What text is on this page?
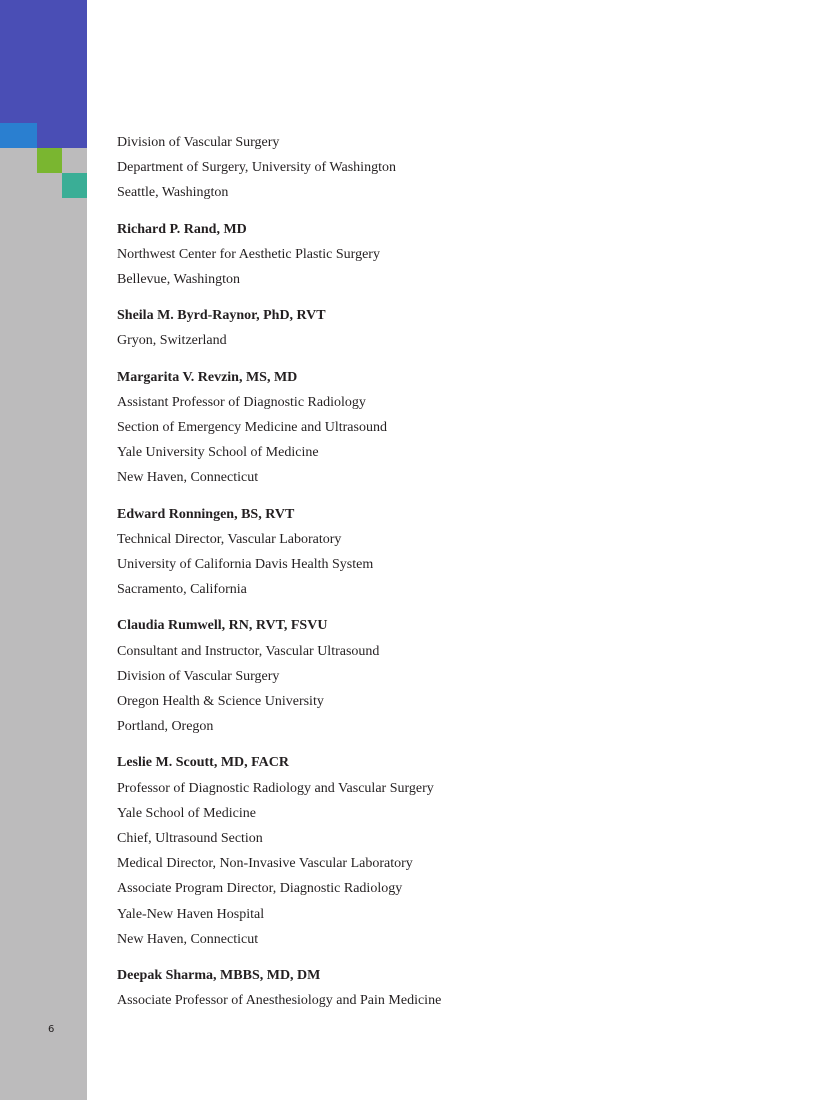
Division of Vascular Surgery
Department of Surgery, University of Washington
Seattle, Washington
Richard P. Rand, MD
Northwest Center for Aesthetic Plastic Surgery
Bellevue, Washington
Sheila M. Byrd-Raynor, PhD, RVT
Gryon, Switzerland
Margarita V. Revzin, MS, MD
Assistant Professor of Diagnostic Radiology
Section of Emergency Medicine and Ultrasound
Yale University School of Medicine
New Haven, Connecticut
Edward Ronningen, BS, RVT
Technical Director, Vascular Laboratory
University of California Davis Health System
Sacramento, California
Claudia Rumwell, RN, RVT, FSVU
Consultant and Instructor, Vascular Ultrasound
Division of Vascular Surgery
Oregon Health & Science University
Portland, Oregon
Leslie M. Scoutt, MD, FACR
Professor of Diagnostic Radiology and Vascular Surgery
Yale School of Medicine
Chief, Ultrasound Section
Medical Director, Non-Invasive Vascular Laboratory
Associate Program Director, Diagnostic Radiology
Yale-New Haven Hospital
New Haven, Connecticut
Deepak Sharma, MBBS, MD, DM
Associate Professor of Anesthesiology and Pain Medicine
6
